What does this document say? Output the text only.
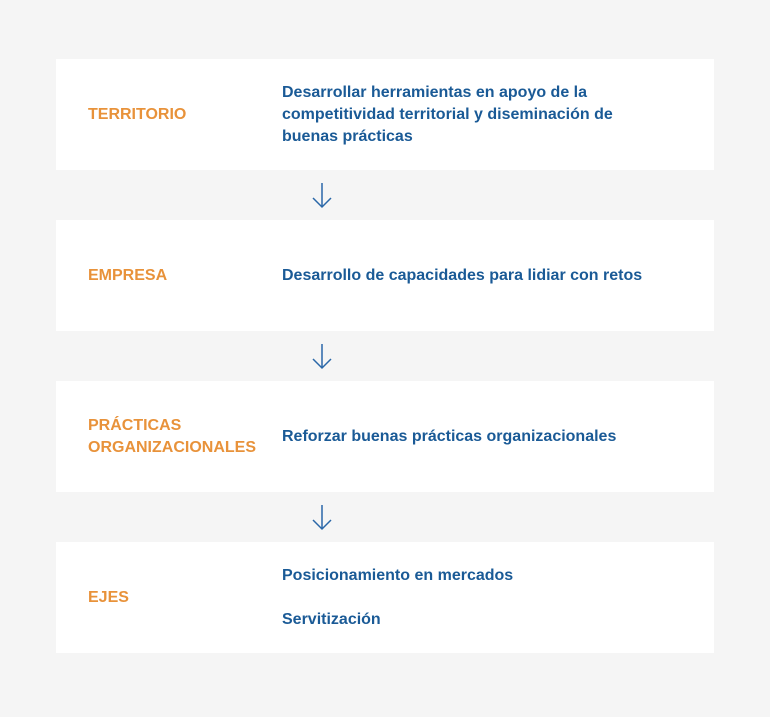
TERRITORIO
Desarrollar herramientas en apoyo de la competitividad territorial y diseminación de buenas prácticas
EMPRESA	Desarrollo de capacidades para lidiar con retos
PRÁCTICAS
ORGANIZACIONALES
Reforzar buenas prácticas organizacionales
EJES
Posicionamiento en mercados
Servitización
